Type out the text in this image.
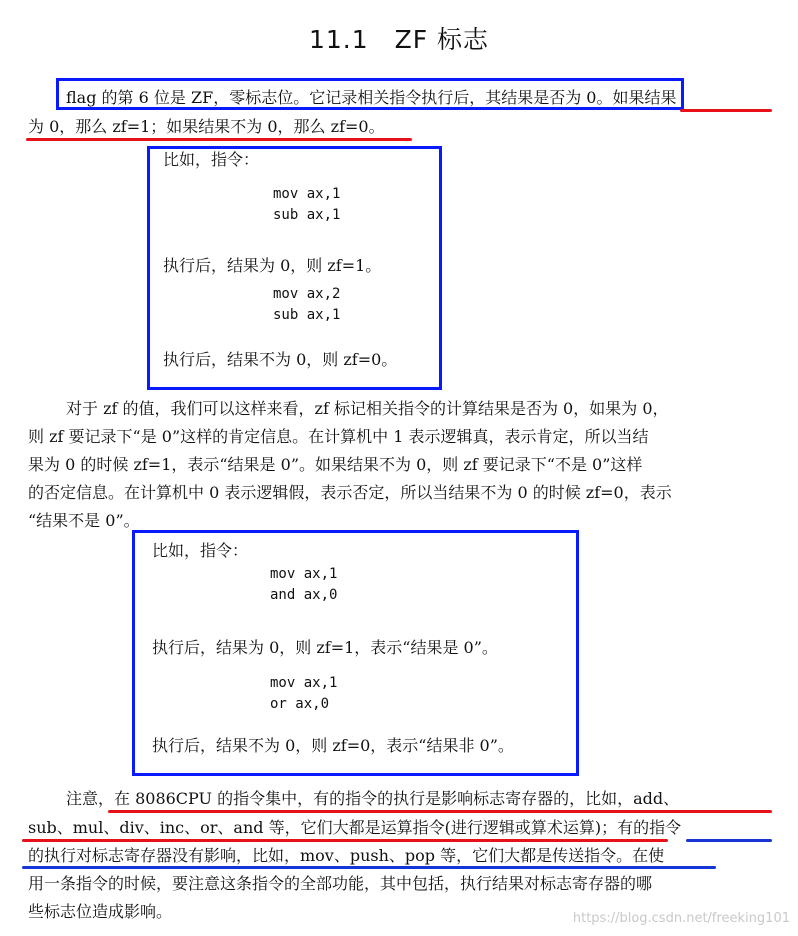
11.1　ZF 标志
flag 的第 6 位是 ZF，零标志位。它记录相关指令执行后，其结果是否为 0。如果结果
为 0，那么 zf=1；如果结果不为 0，那么 zf=0。
比如，指令：
mov ax,1
sub ax,1
执行后，结果为 0，则 zf=1。
mov ax,2
sub ax,1
执行后，结果不为 0，则 zf=0。
对于 zf 的值，我们可以这样来看，zf 标记相关指令的计算结果是否为 0，如果为 0，
则 zf 要记录下“是 0”这样的肯定信息。在计算机中 1 表示逻辑真，表示肯定，所以当结
果为 0 的时候 zf=1，表示“结果是 0”。如果结果不为 0，则 zf 要记录下“不是 0”这样
的否定信息。在计算机中 0 表示逻辑假，表示否定，所以当结果不为 0 的时候 zf=0，表示
“结果不是 0”。
比如，指令：
mov ax,1
and ax,0
执行后，结果为 0，则 zf=1，表示“结果是 0”。
mov ax,1
or ax,0
执行后，结果不为 0，则 zf=0，表示“结果非 0”。
注意，在 8086CPU 的指令集中，有的指令的执行是影响标志寄存器的，比如，add、
sub、mul、div、inc、or、and 等，它们大都是运算指令(进行逻辑或算术运算)；有的指令
的执行对标志寄存器没有影响，比如，mov、push、pop 等，它们大都是传送指令。在使
用一条指令的时候，要注意这条指令的全部功能，其中包括，执行结果对标志寄存器的哪
些标志位造成影响。	https://blog.csdn.net/freeking101
